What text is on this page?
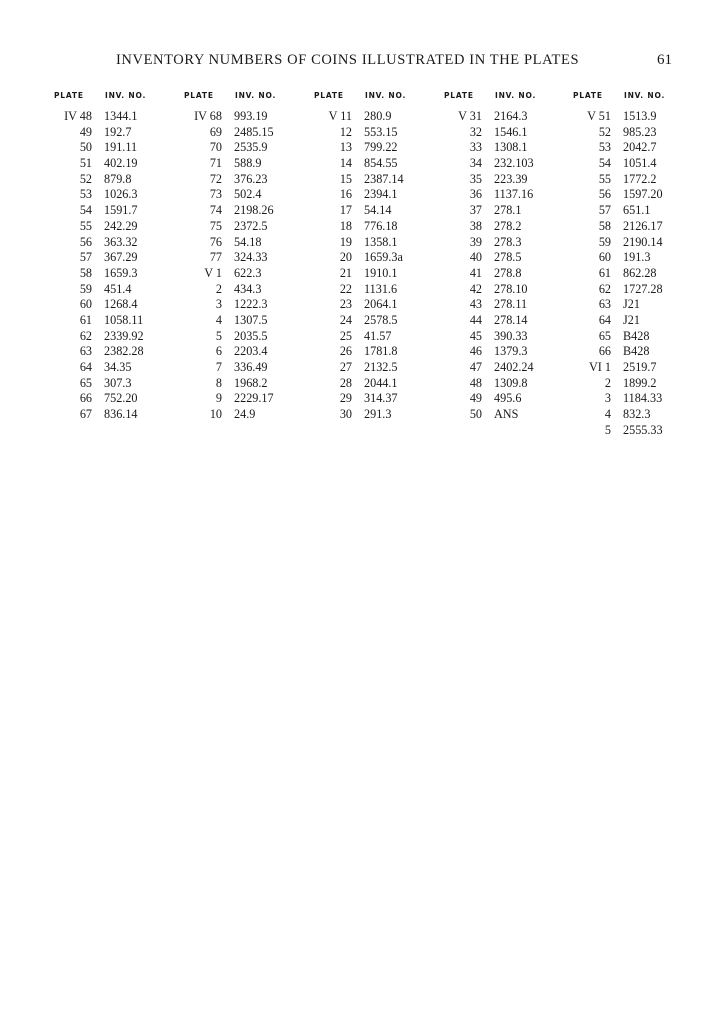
INVENTORY NUMBERS OF COINS ILLUSTRATED IN THE PLATES	61
PLATE	INV. NO.
IV 48 1344.1
49 192.7
50 191.11
51 402.19
52 879.8
53 1026.3
54 1591.7
55 242.29
56 363.32
57 367.29
58 1659.3
59 451.4
60 1268.4
61 1058.11
62 2339.92
63 2382.28
64 34.35
65 307.3
66 752.20
67 836.14
PLATE	INV. NO.
IV 68 993.19
69 2485.15
70 2535.9
71 588.9
72 376.23
73 502.4
74 2198.26
75 2372.5
76 54.18
77 324.33
V 1 622.3
2 434.3
3 1222.3
4 1307.5
5 2035.5
6 2203.4
7 336.49
8 1968.2
9 2229.17
10 24.9
PLATE	INV. NO.
V 11 280.9
12 553.15
13 799.22
14 854.55
15 2387.14
16 2394.1
17 54.14
18 776.18
19 1358.1
20 1659.3a
21 1910.1
22 1131.6
23 2064.1
24 2578.5
25 41.57
26 1781.8
27 2132.5
28 2044.1
29 314.37
30 291.3
PLATE	INV. NO.
V 31 2164.3
32 1546.1
33 1308.1
34 232.103
35 223.39
36 1137.16
37 278.1
38 278.2
39 278.3
40 278.5
41 278.8
42 278.10
43 278.11
44 278.14
45 390.33
46 1379.3
47 2402.24
48 1309.8
49 495.6
50 ANS
PLATE	INV. NO.
V 51 1513.9
52 985.23
53 2042.7
54 1051.4
55 1772.2
56 1597.20
57 651.1
58 2126.17
59 2190.14
60 191.3
61 862.28
62 1727.28
63 J21
64 J21
65 B428
66 B428
VI 1 2519.7
2 1899.2
3 1184.33
4 832.3
5 2555.33
